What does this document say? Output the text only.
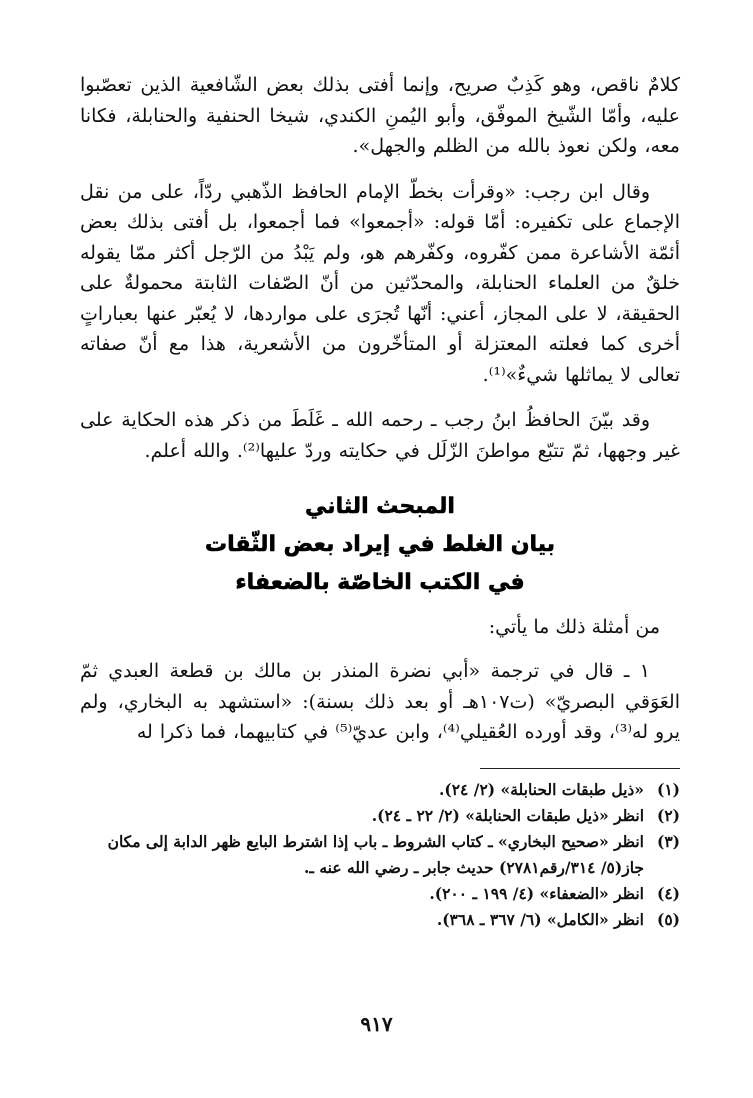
كلامٌ ناقص، وهو كَذِبٌ صريح، وإنما أفتى بذلك بعض الشّافعية الذين تعصّبوا عليه، وأمّا الشّيخ الموفّق، وأبو اليُمنِ الكندي، شيخا الحنفية والحنابلة، فكانا معه، ولكن نعوذ بالله من الظلم والجهل».

وقال ابن رجب: «وقرأت بخطّ الإمام الحافظ الذّهبي ردّاً، على من نقل الإجماع على تكفيره: أمّا قوله: «أجمعوا» فما أجمعوا، بل أفتى بذلك بعض أئمّة الأشاعرة ممن كفّروه، وكفّرهم هو، ولم يَبْدُ من الرّجل أكثر ممّا يقوله خلقٌ من العلماء الحنابلة، والمحدّثين من أنّ الصّفات الثابتة محمولةٌ على الحقيقة، لا على المجاز، أعني: أنّها تُجرَى على مواردها، لا يُعبّر عنها بعباراتٍ أخرى كما فعلته المعتزلة أو المتأخّرون من الأشعرية، هذا مع أنّ صفاته تعالى لا يماثلها شيءٌ»⁽¹⁾.

وقد بيّنَ الحافظُ ابنُ رجب ـ رحمه الله ـ غَلَطَ من ذكر هذه الحكاية على غير وجهها، ثمّ تتبّع مواطنَ الزّلَل في حكايته وردّ عليها⁽²⁾. والله أعلم.

المبحث الثاني
بيان الغلط في إيراد بعض الثّقات
في الكتب الخاصّة بالضعفاء
من أمثلة ذلك ما يأتي:

١ ـ قال في ترجمة «أبي نضرة المنذر بن مالك بن قطعة العبدي ثمّ العَوَقي البصريّ» (ت١٠٧هـ أو بعد ذلك بسنة): «استشهد به البخاري، ولم يرو له⁽³⁾، وقد أورده العُقيلي⁽⁴⁾، وابن عديّ⁽⁵⁾ في كتابيهما، فما ذكرا له

(١)
«ذيل طبقات الحنابلة» (٢/ ٢٤).
(٢)
انظر «ذيل طبقات الحنابلة» (٢/ ٢٢ ـ ٢٤).
(٣)
انظر «صحيح البخاري» ـ كتاب الشروط ـ باب إذا اشترط البايع ظهر الدابة إلى مكان جاز(٥/ ٣١٤/رقم٢٧٨١) حديث جابر ـ رضي الله عنه ـ.
(٤)
انظر «الضعفاء» (٤/ ١٩٩ ـ ٢٠٠).
(٥)
انظر «الكامل» (٦/ ٣٦٧ ـ ٣٦٨).
٩١٧
